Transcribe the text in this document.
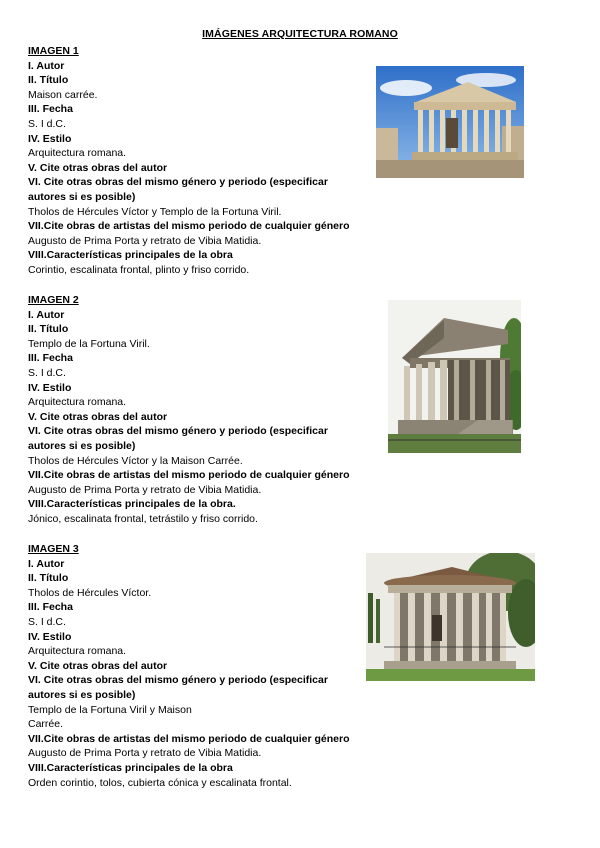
IMÁGENES ARQUITECTURA ROMANO
IMAGEN 1
I. Autor
II. Título
Maison carrée.
III. Fecha
S. I d.C.
IV. Estilo
Arquitectura romana.
V. Cite otras obras del autor
VI. Cite otras obras del mismo género y periodo (especificar
autores si es posible)
Tholos de Hércules Víctor y Templo de la Fortuna Viril.
VII.Cite obras de artistas del mismo periodo de cualquier género
Augusto de Prima Porta y retrato de Vibia Matidia.
VIII.Características principales de la obra
Corintio, escalinata frontal, plinto y friso corrido.
IMAGEN 2
I. Autor
II. Título
Templo de la Fortuna Viril.
III. Fecha
S. I d.C.
IV. Estilo
Arquitectura romana.
V. Cite otras obras del autor
VI. Cite otras obras del mismo género y periodo (especificar
autores si es posible)
Tholos de Hércules Víctor y la Maison Carrée.
VII.Cite obras de artistas del mismo periodo de cualquier género
Augusto de Prima Porta y retrato de Vibia Matidia.
VIII.Características principales de la obra.
Jónico, escalinata frontal, tetrástilo y friso corrido.
IMAGEN 3
I. Autor
II. Título
Tholos de Hércules Víctor.
III. Fecha
S. I d.C.
IV. Estilo
Arquitectura romana.
V. Cite otras obras del autor
VI. Cite otras obras del mismo género y periodo (especificar
autores si es posible)
Templo de la Fortuna Viril y Maison
Carrée.
VII.Cite obras de artistas del mismo periodo de cualquier género
Augusto de Prima Porta y retrato de Vibia Matidia.
VIII.Características principales de la obra
Orden corintio, tolos, cubierta cónica y escalinata frontal.
